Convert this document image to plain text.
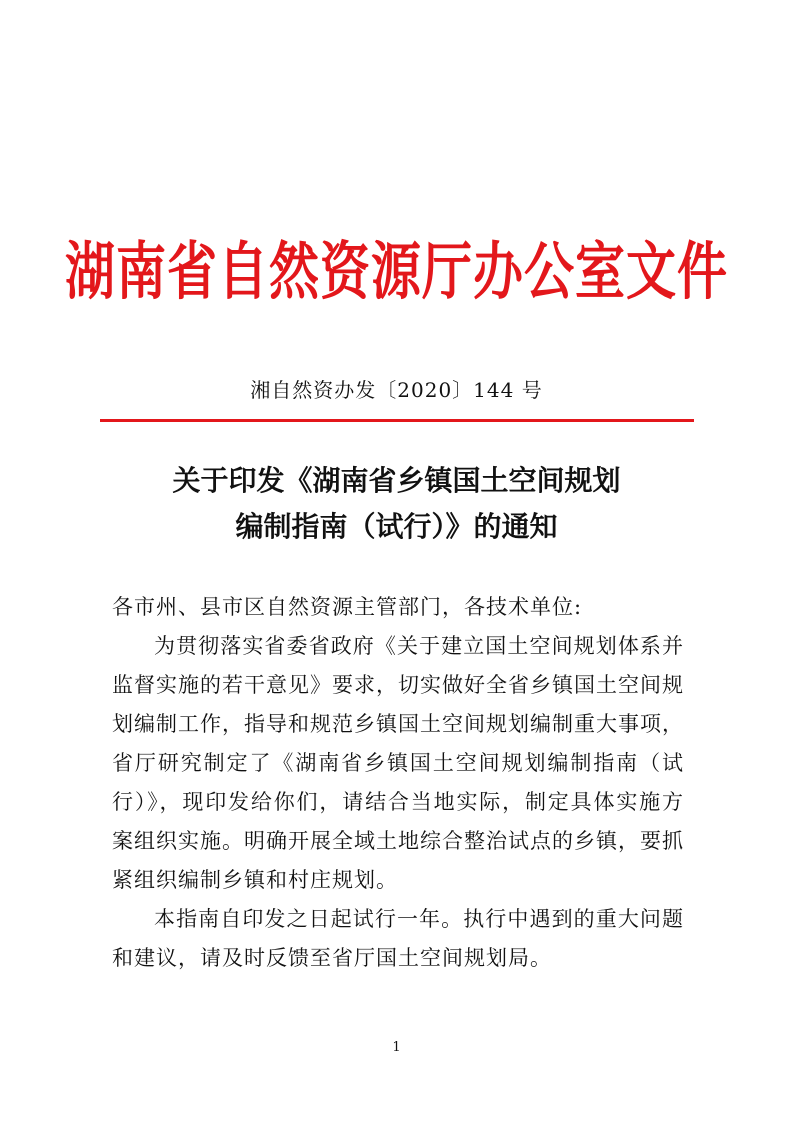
湖南省自然资源厅办公室文件
湘自然资办发〔2020〕144 号
关于印发《湖南省乡镇国土空间规划
编制指南（试行）》的通知

各市州、县市区自然资源主管部门，各技术单位:

为贯彻落实省委省政府《关于建立国土空间规划体系并监督实施的若干意见》要求，切实做好全省乡镇国土空间规划编制工作，指导和规范乡镇国土空间规划编制重大事项，省厅研究制定了《湖南省乡镇国土空间规划编制指南（试行）》，现印发给你们，请结合当地实际，制定具体实施方案组织实施。明确开展全域土地综合整治试点的乡镇，要抓紧组织编制乡镇和村庄规划。

本指南自印发之日起试行一年。执行中遇到的重大问题和建议，请及时反馈至省厅国土空间规划局。

1
